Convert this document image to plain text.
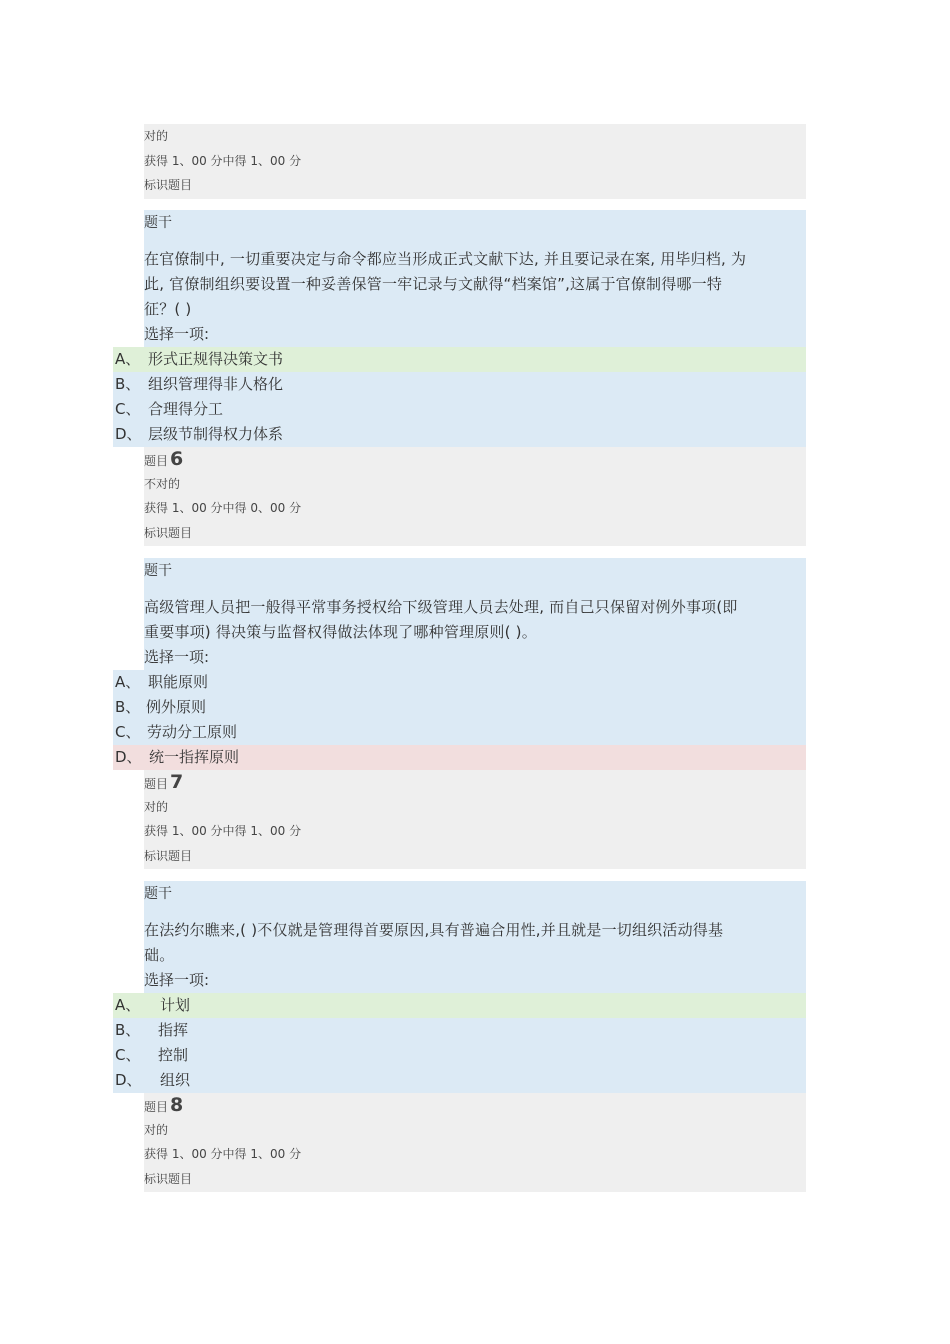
对的
获得 1、00 分中得 1、00 分
标识题目
题干
在官僚制中, 一切重要决定与命令都应当形成正式文献下达, 并且要记录在案, 用毕归档, 为
此, 官僚制组织要设置一种妥善保管一牢记录与文献得“档案馆”,这属于官僚制得哪一特
征？( )
选择一项:
A、 形式正规得决策文书
B、 组织管理得非人格化
C、 合理得分工
D、 层级节制得权力体系
题目 6
不对的
获得 1、00 分中得 0、00 分
标识题目
题干
高级管理人员把一般得平常事务授权给下级管理人员去处理, 而自己只保留对例外事项(即
重要事项) 得决策与监督权得做法体现了哪种管理原则( )。
选择一项:
A、 职能原则
B、 例外原则
C、 劳动分工原则
D、 统一指挥原则
题目 7
对的
获得 1、00 分中得 1、00 分
标识题目
题干
在法约尔瞧来,( )不仅就是管理得首要原因,具有普遍合用性,并且就是一切组织活动得基
础。
选择一项:
A、 计划
B、 指挥
C、 控制
D、 组织
题目 8
对的
获得 1、00 分中得 1、00 分
标识题目
